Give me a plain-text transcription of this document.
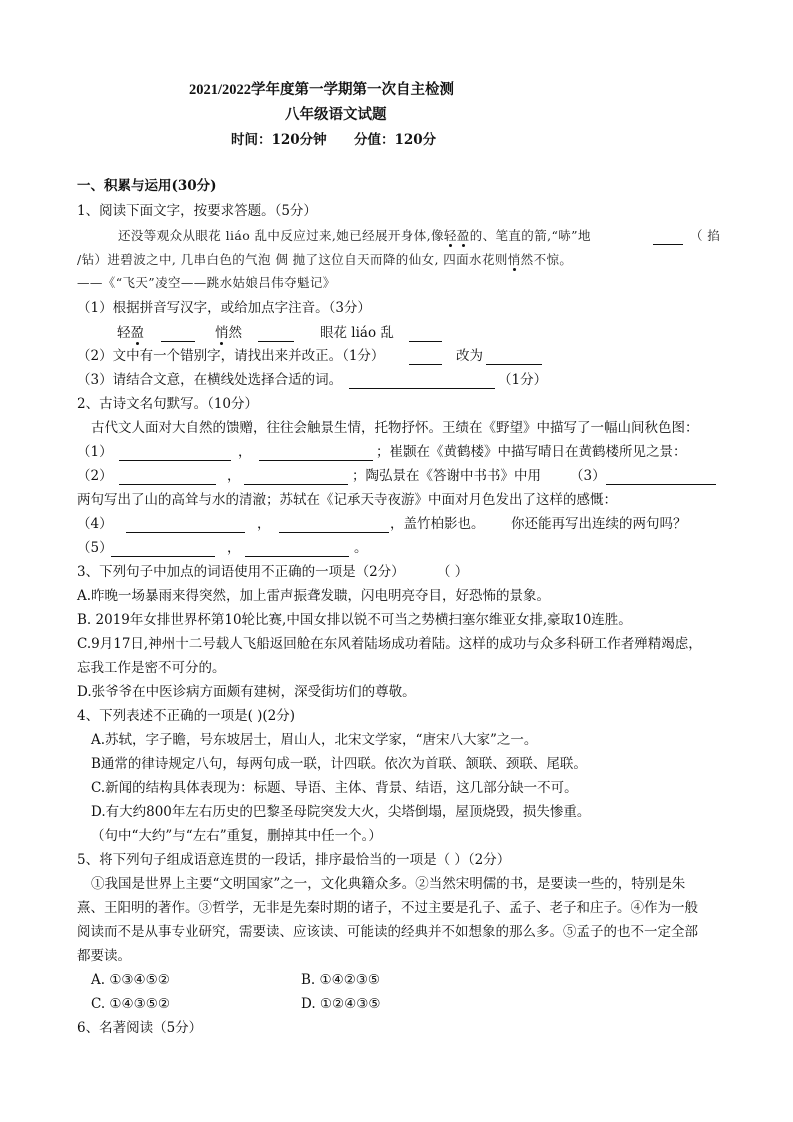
2021/2022学年度第一学期第一次自主检测
八年级语文试题
时间：120分钟 分值：120分
一、积累与运用(30分)
1、阅读下面文字，按要求答题。（5分）
还没等观众从眼花 liáo 乱中反应过来,她已经展开身体,像轻盈的、笔直的箭,“哧”地	（ 掐
/钻）进碧波之中, 几串白色的气泡 倜 抛了这位自天而降的仙女, 四面水花则悄然不惊。
——《“飞天”凌空——跳水姑娘吕伟夺魁记》
（1）根据拼音写汉字，或给加点字注音。（3分）
轻盈	悄然	眼花 liáo 乱
（2）文中有一个错别字，请找出来并改正。（1分）	改为
（3）请结合文意，在横线处选择合适的词。	（1分）
2、古诗文名句默写。（10分）
古代文人面对大自然的馈赠，往往会触景生情，托物抒怀。王绩在《野望》中描写了一幅山间秋色图：
（1）	，	；崔颢在《黄鹤楼》中描写晴日在黄鹤楼所见之景：
（2）	，	；陶弘景在《答谢中书书》中用 （3）
两句写出了山的高耸与水的清澈；苏轼在《记承天寺夜游》中面对月色发出了这样的感慨：
（4）	，	，盖竹柏影也。 你还能再写出连续的两句吗？
（5）	，	。
3、下列句子中加点的词语使用不正确的一项是（2分） （ ）
A.昨晚一场暴雨来得突然，加上雷声振聋发聩，闪电明亮夺目，好恐怖的景象。
B. 2019年女排世界杯第10轮比赛,中国女排以锐不可当之势横扫塞尔维亚女排,豪取10连胜。
C.9月17日,神州十二号载人飞船返回舱在东风着陆场成功着陆。这样的成功与众多科研工作者殚精竭虑，
忘我工作是密不可分的。
D.张爷爷在中医诊病方面颇有建树，深受街坊们的尊敬。
4、下列表述不正确的一项是( )(2分)
A.苏轼，字子瞻，号东坡居士，眉山人，北宋文学家，“唐宋八大家”之一。
B通常的律诗规定八句，每两句成一联，计四联。依次为首联、颔联、颈联、尾联。
C.新闻的结构具体表现为：标题、导语、主体、背景、结语，这几部分缺一不可。
D.有大约800年左右历史的巴黎圣母院突发大火，尖塔倒塌，屋顶烧毁，损失惨重。
（句中“大约”与“左右”重复，删掉其中任一个。）
5、将下列句子组成语意连贯的一段话，排序最恰当的一项是（ ）（2分）
①我国是世界上主要“文明国家”之一，文化典籍众多。②当然宋明儒的书，是要读一些的，特别是朱
熹、王阳明的著作。③哲学，无非是先秦时期的诸子，不过主要是孔子、孟子、老子和庄子。④作为一般
阅读而不是从事专业研究，需要读、应该读、可能读的经典并不如想象的那么多。⑤孟子的也不一定全部
都要读。
A. ①③④⑤②	B. ①④②③⑤
C. ①④③⑤②	D. ①②④③⑤
6、名著阅读（5分）
